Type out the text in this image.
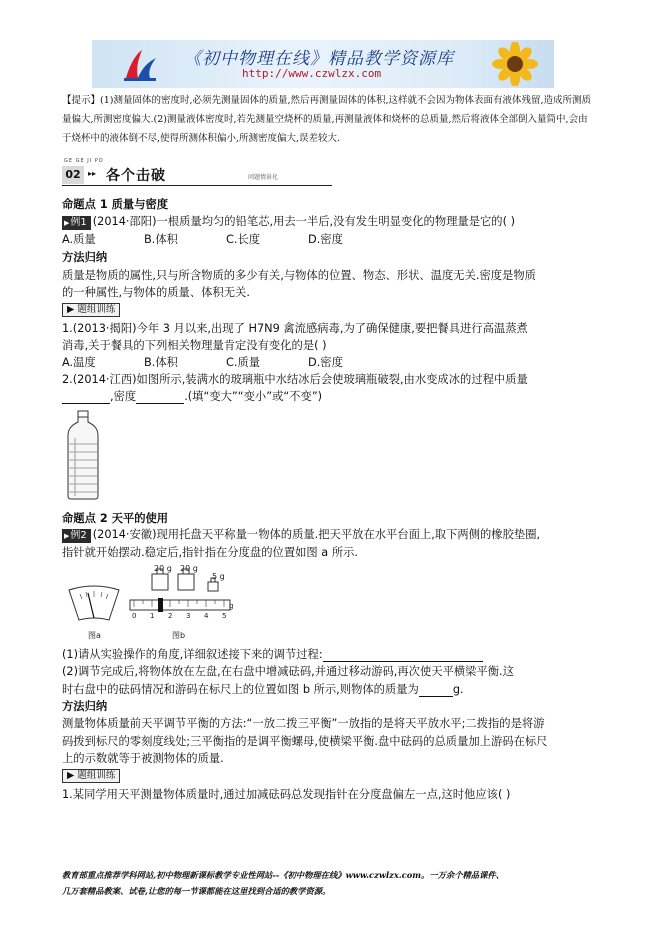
《初中物理在线》精品教学资源库
http://www.czwlzx.com
【提示】(1)测量固体的密度时,必须先测量固体的质量,然后再测量固体的体积,这样就不会因为物体表面有液体残留,造成所测质量偏大,所测密度偏大.(2)测量液体密度时,若先测量空烧杯的质量,再测量液体和烧杯的总质量,然后将液体全部倒入量筒中,会由于烧杯中的液体倒不尽,使得所测体积偏小,所测密度偏大,误差较大.
GE GE JI PO
02 ▸▸ 各个击破	问题情景化
命题点 1 质量与密度
▶例1 (2014·邵阳)一根质量均匀的铅笔芯,用去一半后,没有发生明显变化的物理量是它的( )
A.质量	B.体积	C.长度	D.密度
方法归纳
质量是物质的属性,只与所含物质的多少有关,与物体的位置、物态、形状、温度无关.密度是物质
的一种属性,与物体的质量、体积无关.
▶ 题组训练
1.(2013·揭阳)今年 3 月以来,出现了 H7N9 禽流感病毒,为了确保健康,要把餐具进行高温蒸煮
消毒,关于餐具的下列相关物理量肯定没有变化的是( )
A.温度	B.体积	C.质量	D.密度
2.(2014·江西)如图所示,装满水的玻璃瓶中水结冰后会使玻璃瓶破裂,由水变成冰的过程中质量
,密度	.(填“变大”“变小”或“不变”)
命题点 2 天平的使用
▶例2 (2014·安徽)现用托盘天平称量一物体的质量.把天平放在水平台面上,取下两侧的橡胶垫圈,
指针就开始摆动.稳定后,指针指在分度盘的位置如图 a 所示.
图a
20 g 20 g
5 g
0 1 2 3 4 5
g
图b
(1)请从实验操作的角度,详细叙述接下来的调节过程:
(2)调节完成后,将物体放在左盘,在右盘中增减砝码,并通过移动游码,再次使天平横梁平衡.这
时右盘中的砝码情况和游码在标尺上的位置如图 b 所示,则物体的质量为	g.
方法归纳
测量物体质量前天平调节平衡的方法:“一放二拨三平衡”一放指的是将天平放水平;二拨指的是将游
码拨到标尺的零刻度线处;三平衡指的是调平衡螺母,使横梁平衡.盘中砝码的总质量加上游码在标尺
上的示数就等于被测物体的质量.
▶ 题组训练
1.某同学用天平测量物体质量时,通过加减砝码总发现指针在分度盘偏左一点,这时他应该( )
教育部重点推荐学科网站,初中物理新课标教学专业性网站--《初中物理在线》www.czwlzx.com。一万余个精品课件、
几万套精品教案、试卷,让您的每一节课都能在这里找到合适的教学资源。
